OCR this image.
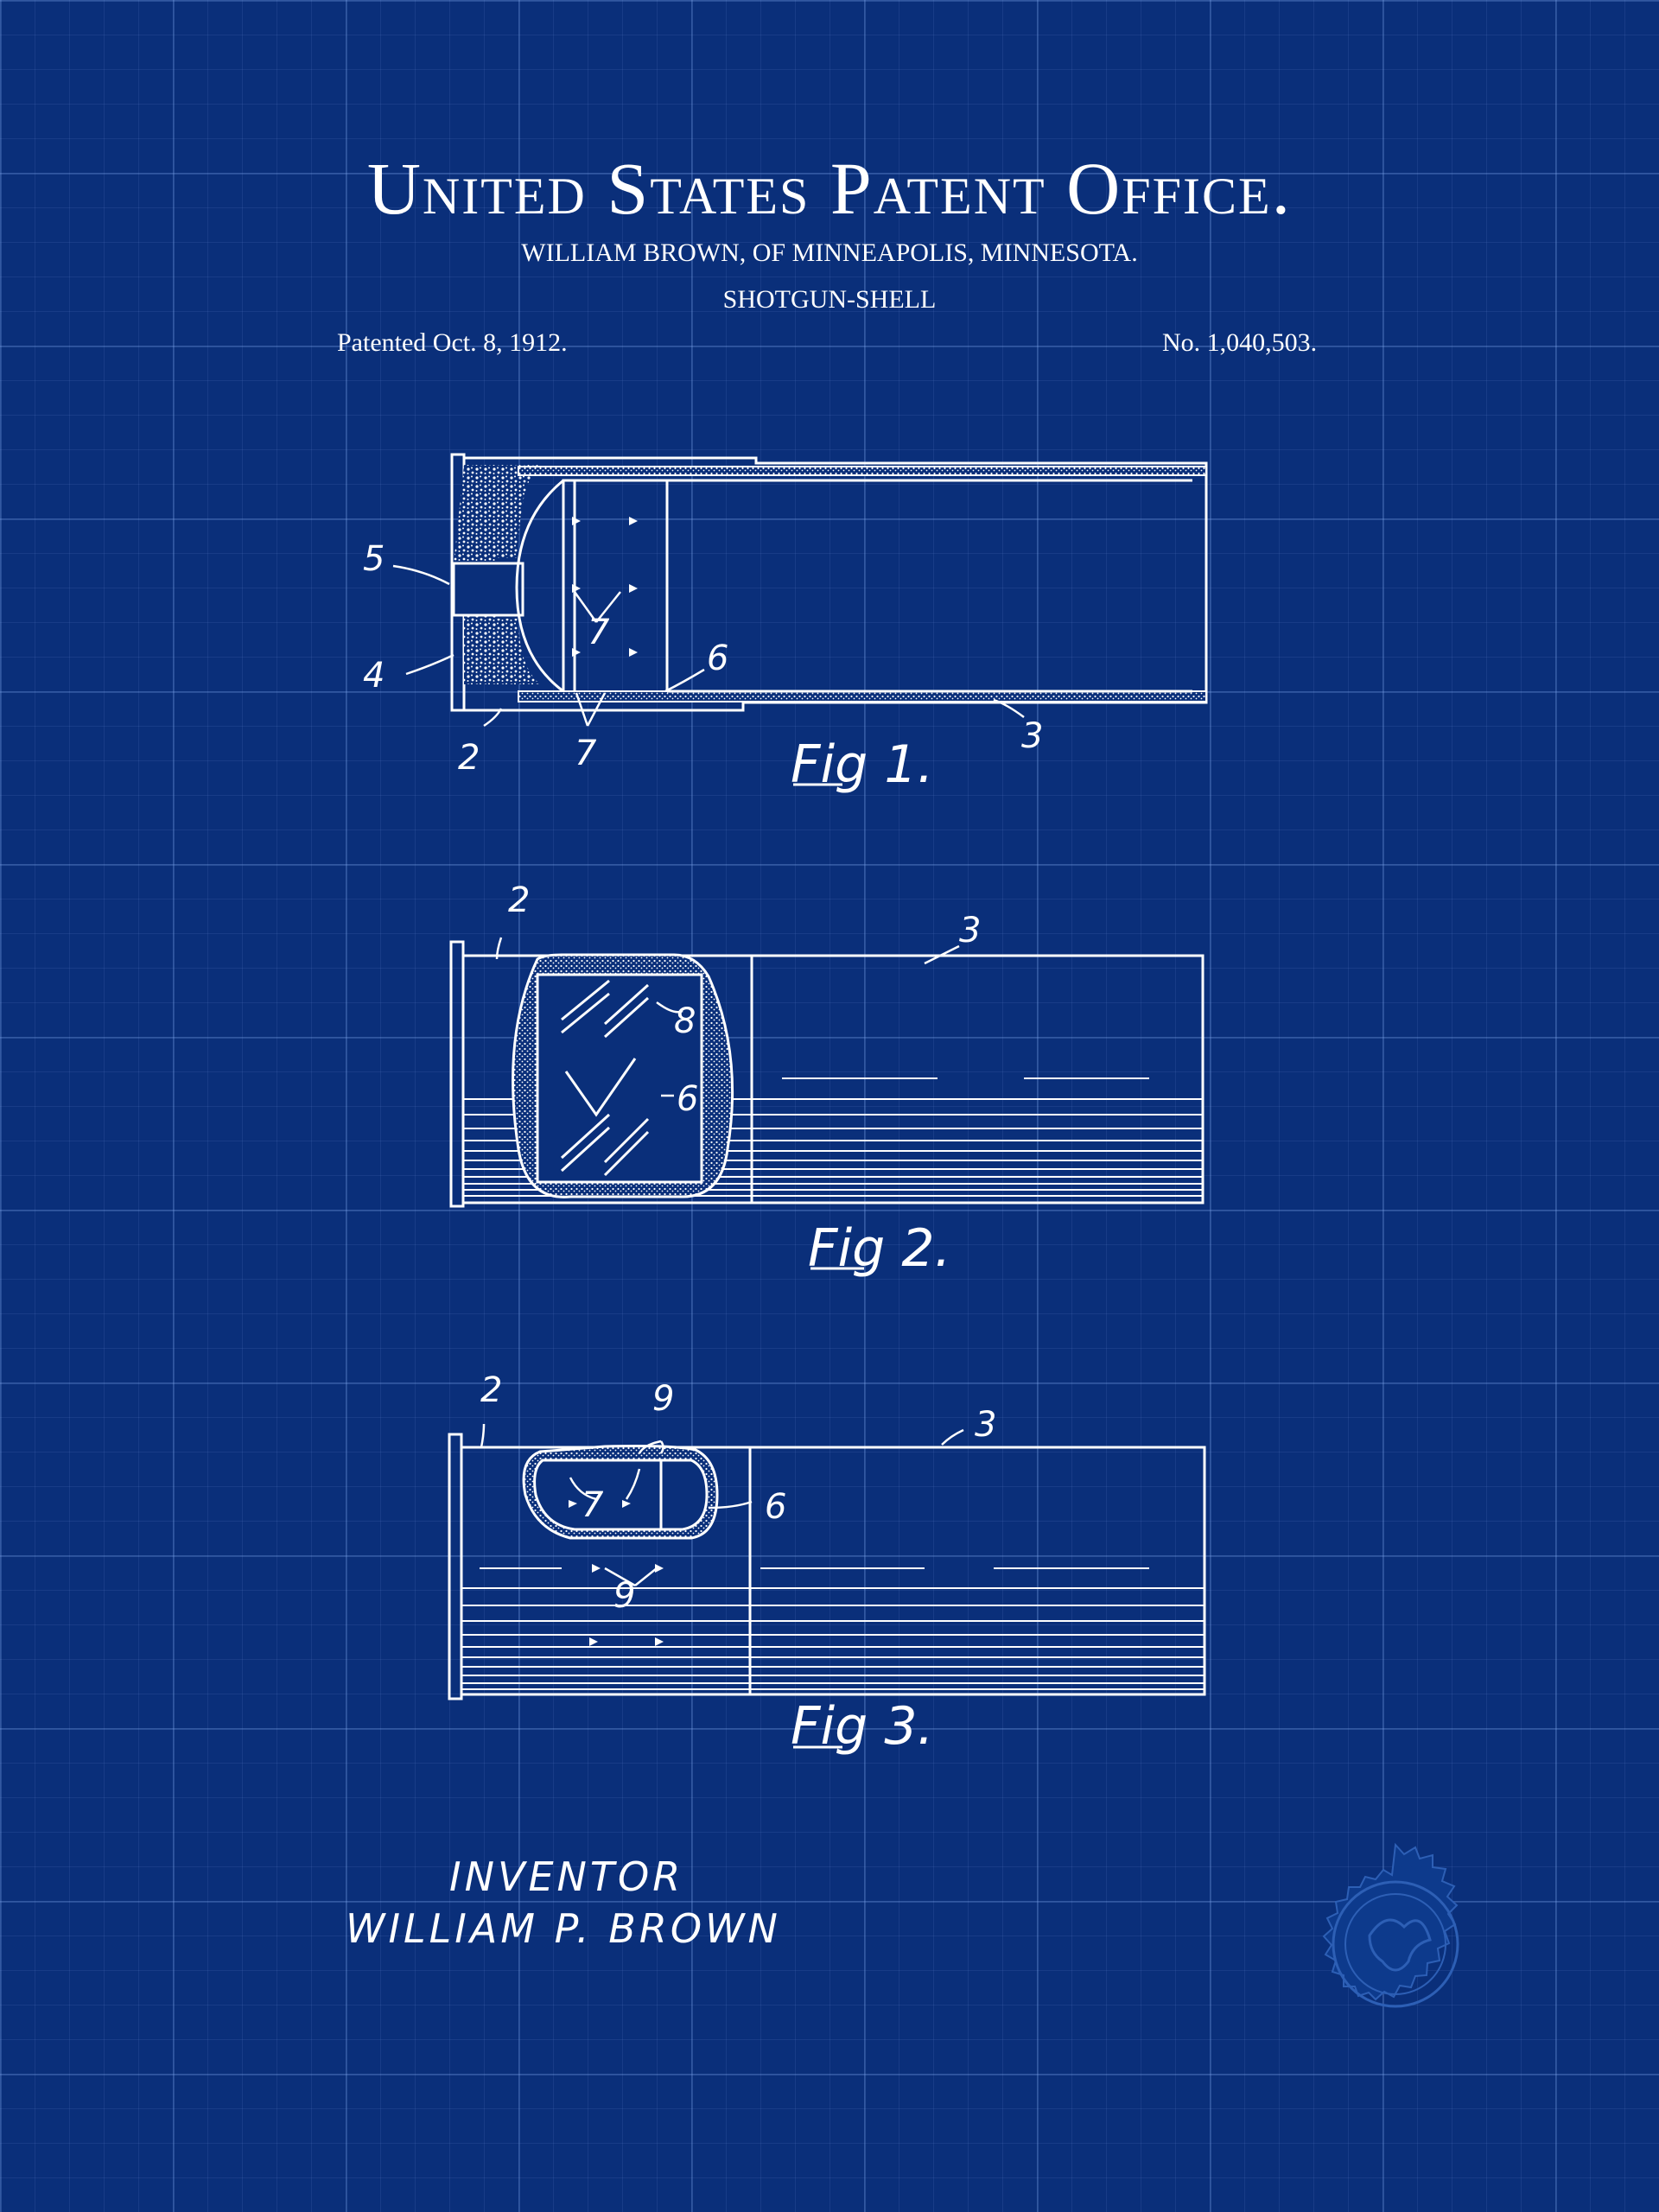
United States Patent Office.
WILLIAM BROWN, OF MINNEAPOLIS, MINNESOTA.
SHOTGUN-SHELL
Patented Oct. 8, 1912.	No. 1,040,503.
5
4
2	7
7
6
3
Fig 1.
2
3
8
6
Fig 2.
2	9
3
7	6
9
Fig 3.
INVENTOR
WILLIAM P. BROWN
